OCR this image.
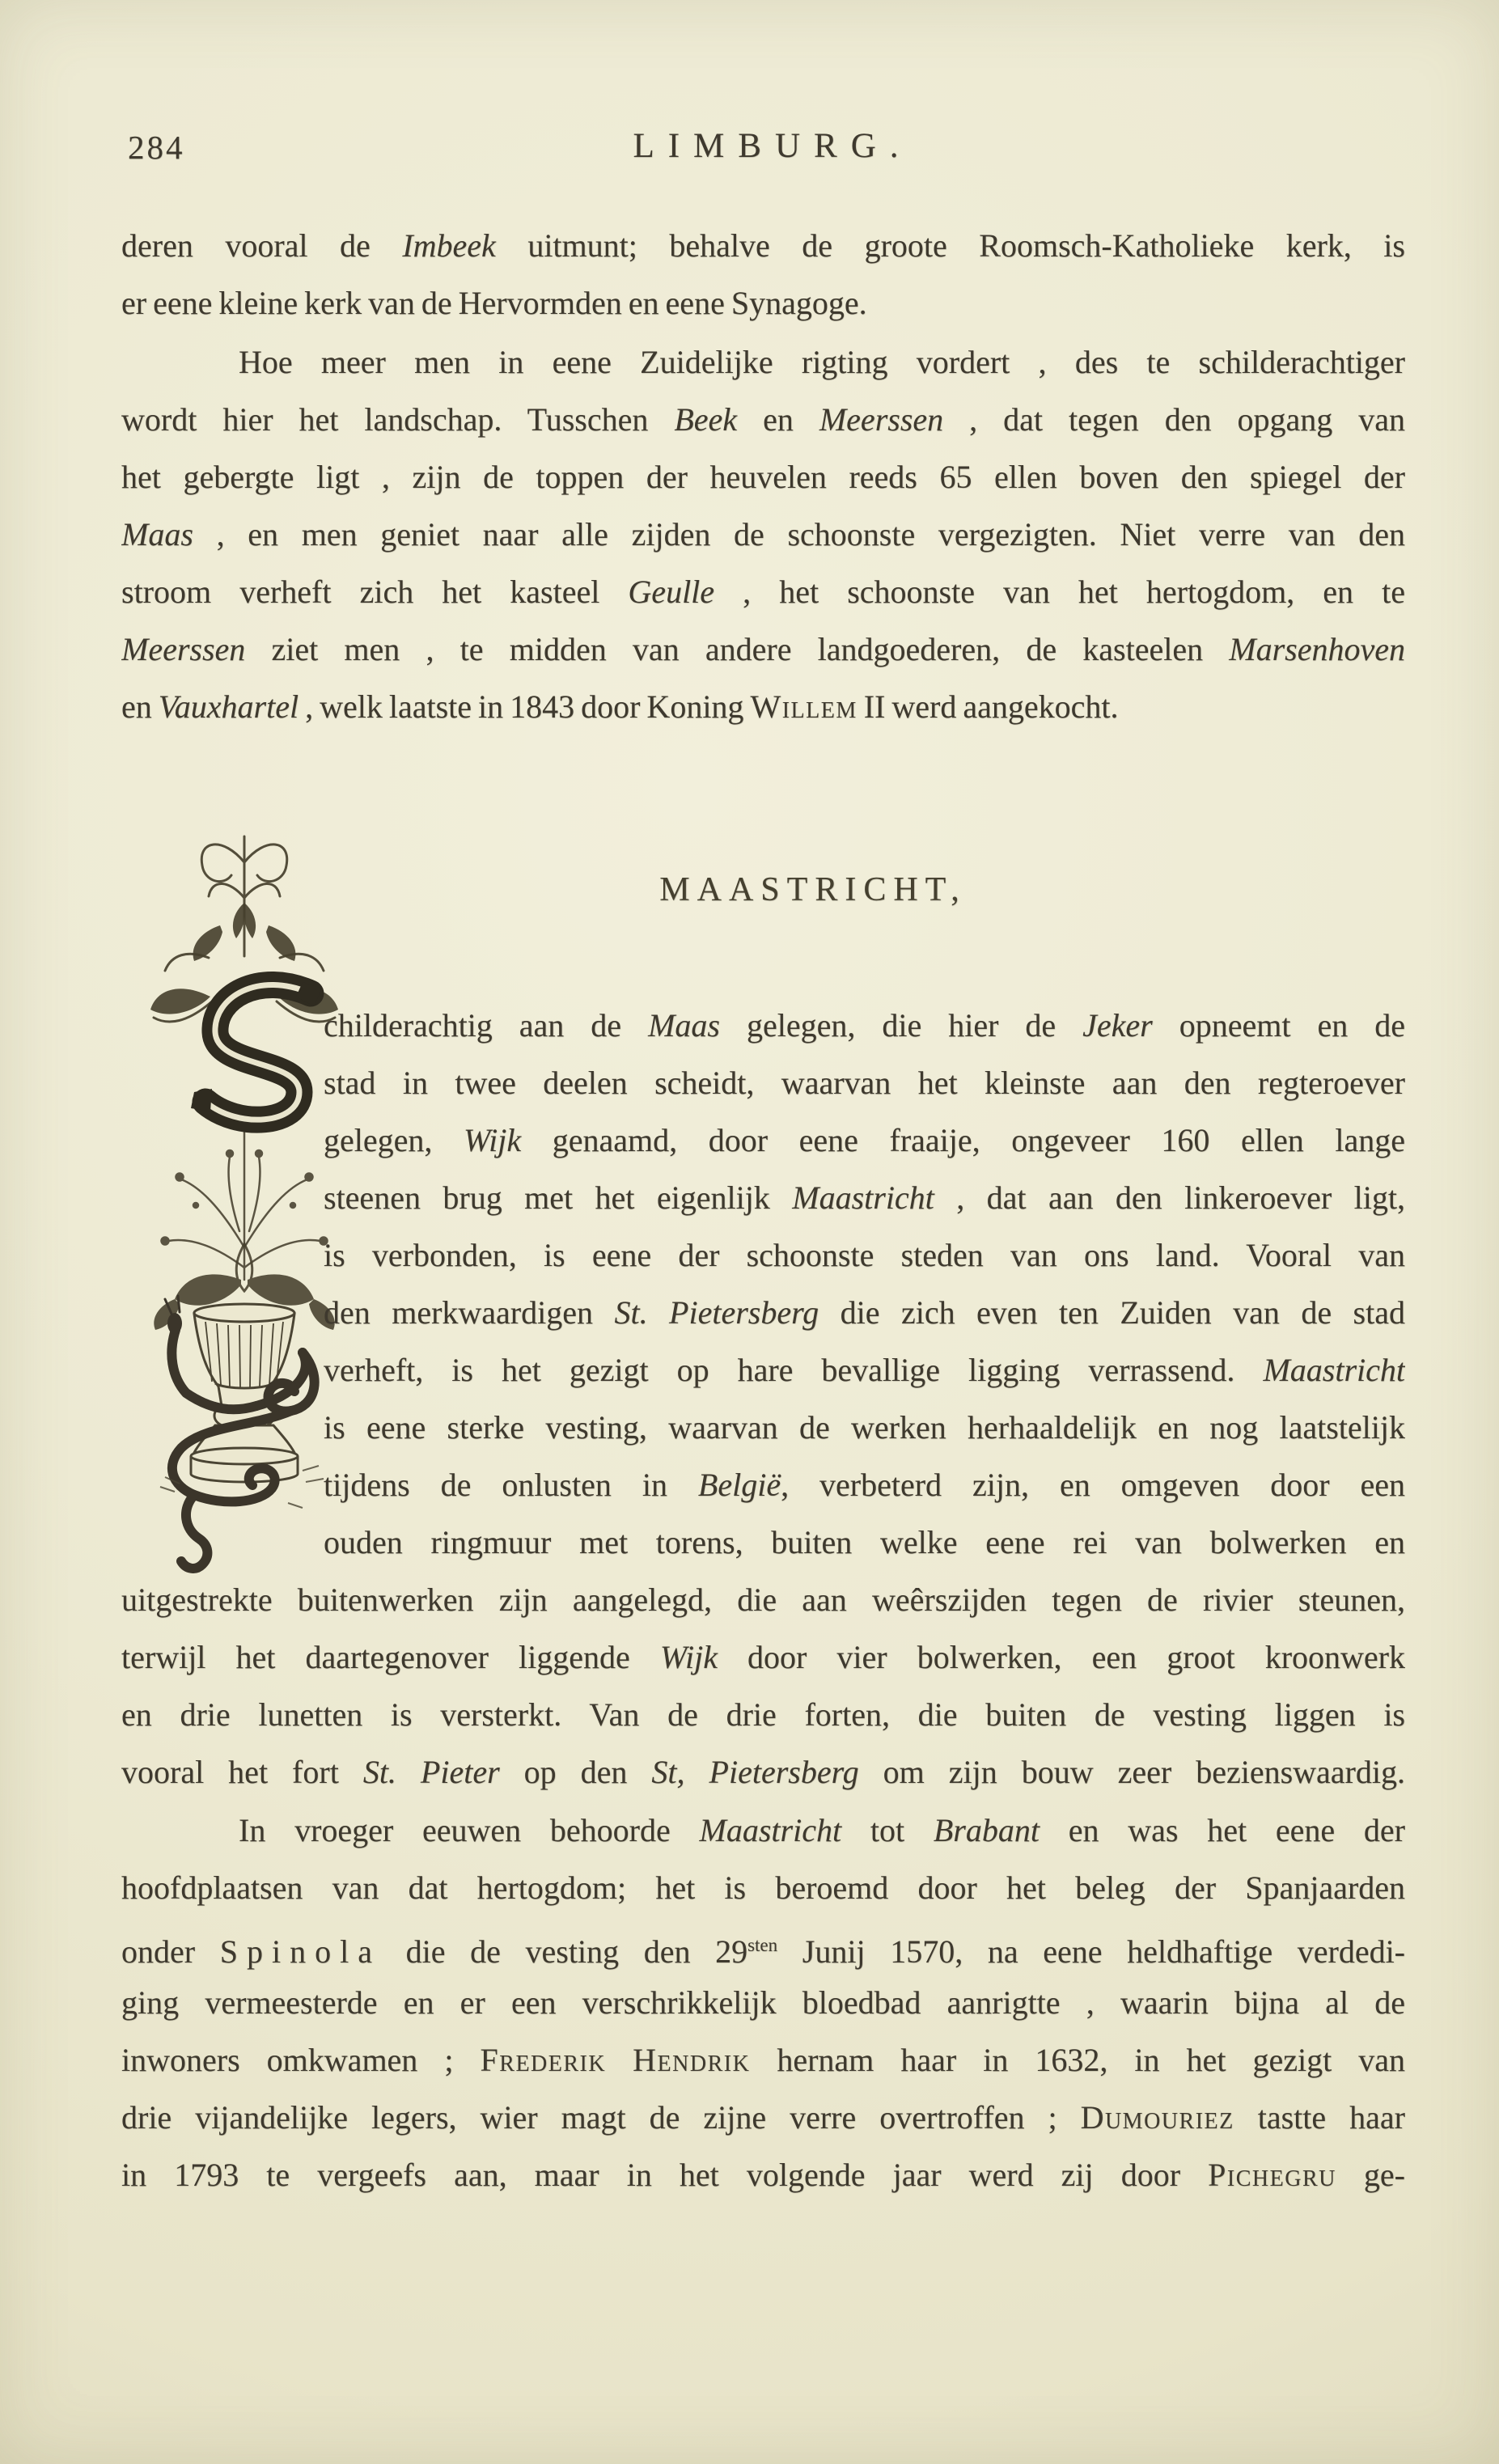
284	LIMBURG.
deren vooral de Imbeek uitmunt; behalve de groote Roomsch-Katholieke kerk, is
er eene kleine kerk van de Hervormden en eene Synagoge.
Hoe meer men in eene Zuidelijke rigting vordert , des te schilderachtiger
wordt hier het landschap. Tusschen Beek en Meerssen , dat tegen den opgang van
het gebergte ligt , zijn de toppen der heuvelen reeds 65 ellen boven den spiegel der
Maas , en men geniet naar alle zijden de schoonste vergezigten. Niet verre van den
stroom verheft zich het kasteel Geulle , het schoonste van het hertogdom, en te
Meerssen ziet men , te midden van andere landgoederen, de kasteelen Marsenhoven
en Vauxhartel , welk laatste in 1843 door Koning Willem II werd aangekocht.
MAASTRICHT,
childerachtig aan de Maas gelegen, die hier de Jeker opneemt en de
stad in twee deelen scheidt, waarvan het kleinste aan den regteroever
gelegen, Wijk genaamd, door eene fraaije, ongeveer 160 ellen lange
steenen brug met het eigenlijk Maastricht , dat aan den linkeroever ligt,
is verbonden, is eene der schoonste steden van ons land. Vooral van
den merkwaardigen St. Pietersberg die zich even ten Zuiden van de stad
verheft, is het gezigt op hare bevallige ligging verrassend. Maastricht
is eene sterke vesting, waarvan de werken herhaaldelijk en nog laatstelijk
tijdens de onlusten in België, verbeterd zijn, en omgeven door een
ouden ringmuur met torens, buiten welke eene rei van bolwerken en
uitgestrekte buitenwerken zijn aangelegd, die aan weêrszijden tegen de rivier steunen,
terwijl het daartegenover liggende Wijk door vier bolwerken, een groot kroonwerk
en drie lunetten is versterkt. Van de drie forten, die buiten de vesting liggen is
vooral het fort St. Pieter op den St, Pietersberg om zijn bouw zeer bezienswaardig.
In vroeger eeuwen behoorde Maastricht tot Brabant en was het eene der
hoofdplaatsen van dat hertogdom; het is beroemd door het beleg der Spanjaarden
onder Spinola die de vesting den $29^{sten}$ Junij 1570, na eene heldhaftige verdedi-
ging vermeesterde en er een verschrikkelijk bloedbad aanrigtte , waarin bijna al de
inwoners omkwamen ; Frederik Hendrik hernam haar in 1632, in het gezigt van
drie vijandelijke legers, wier magt de zijne verre overtroffen ; Dumouriez tastte haar
in 1793 te vergeefs aan, maar in het volgende jaar werd zij door Pichegru ge-
